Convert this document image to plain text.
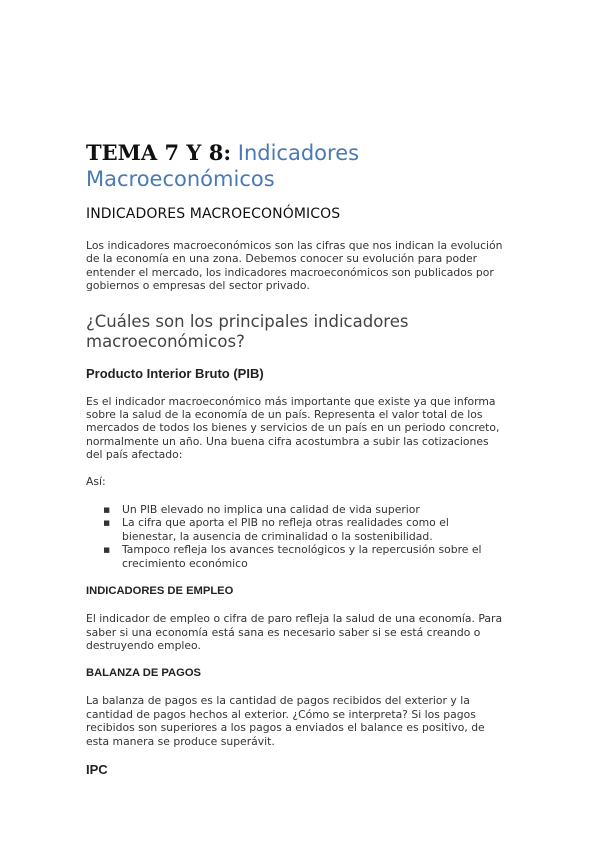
TEMA 7 Y 8: Indicadores
Macroeconómicos
INDICADORES MACROECONÓMICOS

Los indicadores macroeconómicos son las cifras que nos indican la evolución
de la economía en una zona. Debemos conocer su evolución para poder
entender el mercado, los indicadores macroeconómicos son publicados por
gobiernos o empresas del sector privado.

¿Cuáles son los principales indicadores
macroeconómicos?
Producto Interior Bruto (PIB)

Es el indicador macroeconómico más importante que existe ya que informa
sobre la salud de la economía de un país. Representa el valor total de los
mercados de todos los bienes y servicios de un país en un periodo concreto,
normalmente un año. Una buena cifra acostumbra a subir las cotizaciones
del país afectado:

Así:

▪ Un PIB elevado no implica una calidad de vida superior
▪ La cifra que aporta el PIB no refleja otras realidades como el
bienestar, la ausencia de criminalidad o la sostenibilidad.
▪ Tampoco refleja los avances tecnológicos y la repercusión sobre el
crecimiento económico
INDICADORES DE EMPLEO

El indicador de empleo o cifra de paro refleja la salud de una economía. Para
saber si una economía está sana es necesario saber si se está creando o
destruyendo empleo.

BALANZA DE PAGOS

La balanza de pagos es la cantidad de pagos recibidos del exterior y la
cantidad de pagos hechos al exterior. ¿Cómo se interpreta? Si los pagos
recibidos son superiores a los pagos a enviados el balance es positivo, de
esta manera se produce superávit.

IPC
